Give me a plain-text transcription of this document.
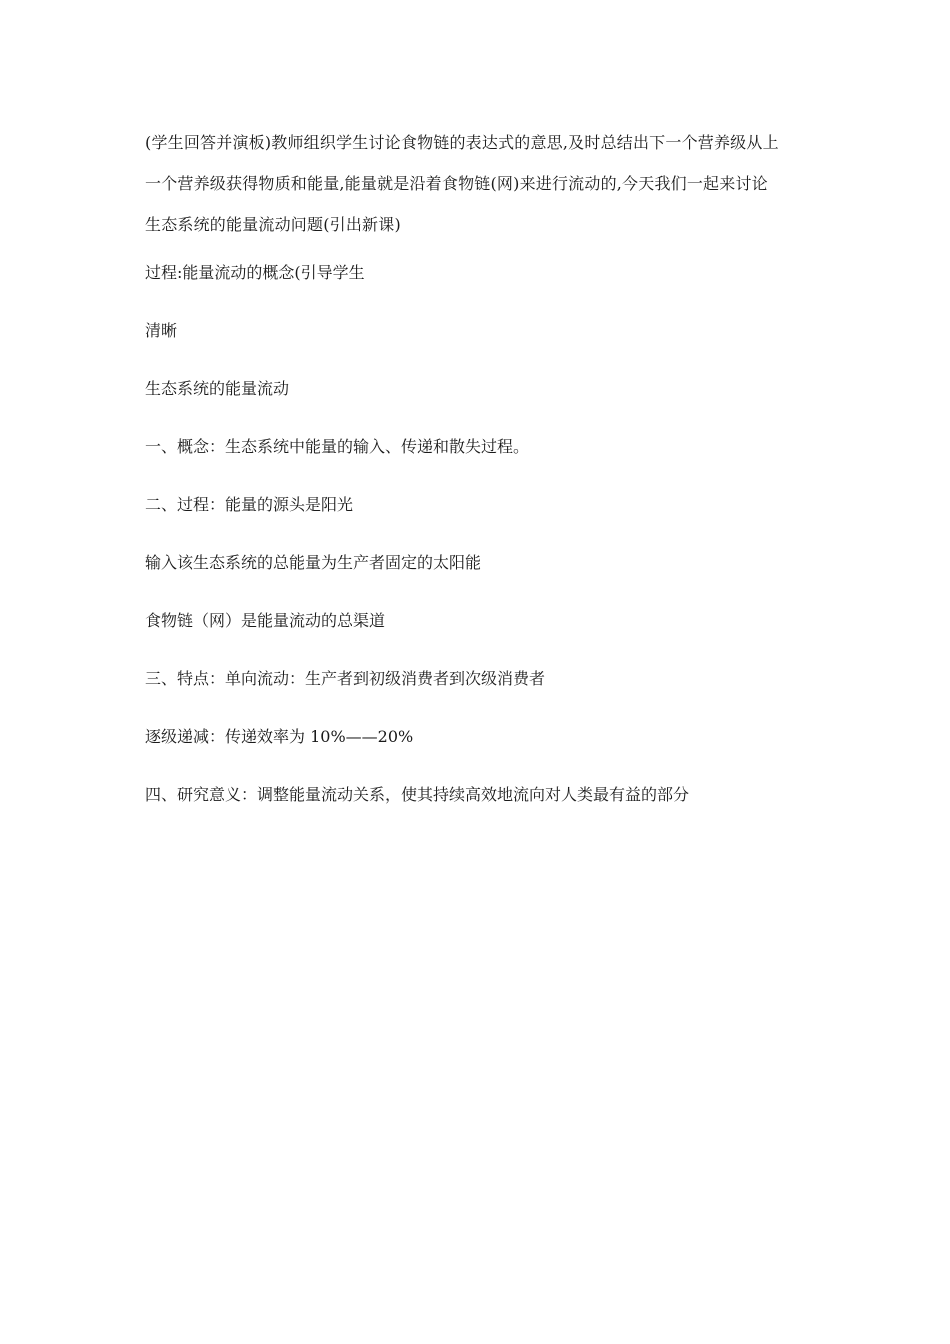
(学生回答并演板)教师组织学生讨论食物链的表达式的意思,及时总结出下一个营养级从上

一个营养级获得物质和能量,能量就是沿着食物链(网)来进行流动的,今天我们一起来讨论

生态系统的能量流动问题(引出新课)

过程:能量流动的概念(引导学生

清晰

生态系统的能量流动

一、概念：生态系统中能量的输入、传递和散失过程。

二、过程：能量的源头是阳光

输入该生态系统的总能量为生产者固定的太阳能

食物链（网）是能量流动的总渠道

三、特点：单向流动：生产者到初级消费者到次级消费者

逐级递减：传递效率为 10%——20%

四、研究意义：调整能量流动关系，使其持续高效地流向对人类最有益的部分
